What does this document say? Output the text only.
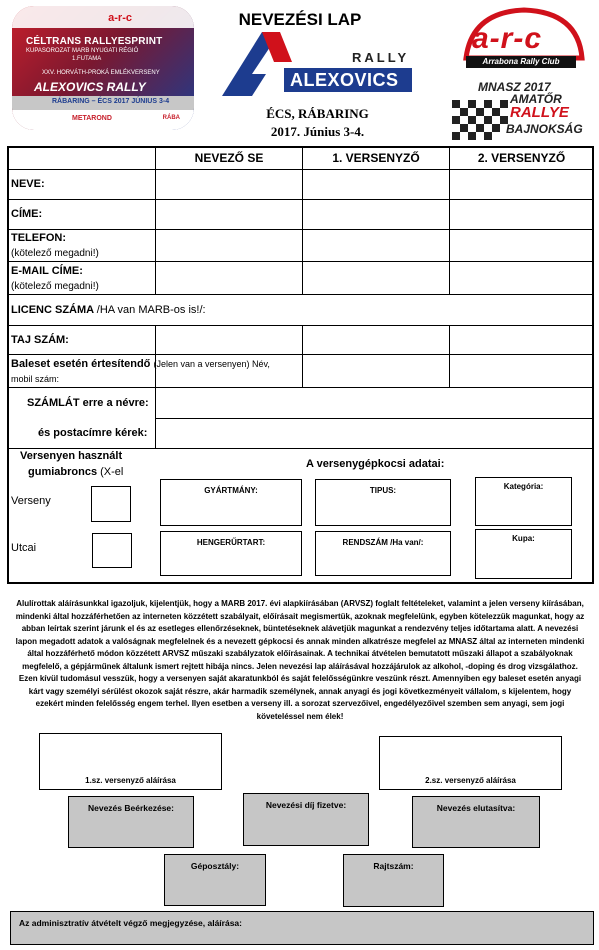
a-r-c
CÉLTRANS RALLYESPRINT
KUPASOROZAT MARB NYUGATI RÉGIÓ
1.FUTAMA
XXV. HORVÁTH-PROKÁ EMLÉKVERSENY
ALEXOVICS RALLY
RÁBARING – ÉCS 2017 JÚNIUS 3-4
METAROND	RÁBA
NEVEZÉSI LAP
RALLY
ALEXOVICS
ÉCS, RÁBARING
2017. Június 3-4.
a-r-c
Arrabona Rally Club
MNASZ 2017
AMATŐR
RALLYE
BAJNOKSÁG
NEVEZŐ SE	1. VERSENYZŐ	2. VERSENYZŐ
NEVE:
CÍME:
TELEFON:
(kötelező megadni!)
E-MAIL CÍME:
(kötelező megadni!)
LICENC SZÁMA /HA van MARB-os is!/:
TAJ SZÁM:
Baleset esetén értesítendő (Jelen van a versenyen) Név,
mobil szám:
SZÁMLÁT erre a névre:
és postacímre kérek:
Versenyen használt
gumiabroncs (X-el
Verseny
Utcai
A versenygépkocsi adatai:
GYÁRTMÁNY:	TIPUS:	Kategória:
HENGERŰRTART:	RENDSZÁM /Ha van/:	Kupa:
Alulírottak aláírásunkkal igazoljuk, kijelentjük, hogy a MARB 2017. évi alapkiírásában (ARVSZ) foglalt feltételeket, valamint a jelen verseny kiírásában, mindenki által hozzáférhetően az interneten közzétett szabályait, előírásait megismertük, azoknak megfelelünk, egyben kötelezzük magunkat, hogy az abban leírtak szerint járunk el és az esetleges ellenőrzéseknek, büntetéseknek alávetjük magunkat a rendezvény teljes időtartama alatt. A nevezési lapon megadott adatok a valóságnak megfelelnek és a nevezett gépkocsi és annak minden alkatrésze megfelel az MNASZ által az interneten mindenki által hozzáférhető módon közzétett ARVSZ műszaki szabályzatok előírásainak. A technikai átvételen bemutatott műszaki állapot a szabályoknak megfelelő, a gépjárműnek általunk ismert rejtett hibája nincs. Jelen nevezési lap aláírásával hozzájárulok az alkohol, -doping és drog vizsgálathoz. Ezen kívül tudomásul vesszük, hogy a versenyen saját akaratunkból és saját felelősségünkre veszünk részt. Amennyiben egy baleset esetén anyagi kárt vagy személyi sérülést okozok saját részre, akár harmadik személynek, annak anyagi és jogi következményeit vállalom, s kijelentem, hogy ezekért minden felelősség engem terhel. Ilyen esetben a verseny ill. a sorozat szervezőivel, engedélyezőivel szemben sem anyagi, sem jogi követeléssel nem élek!
1.sz. versenyző aláírása	2.sz. versenyző aláírása
Nevezés Beérkezése:	Nevezési díj fizetve:	Nevezés elutasítva:
Géposztály:	Rajtszám:
Az adminisztratív átvételt végző megjegyzése, aláírása:
